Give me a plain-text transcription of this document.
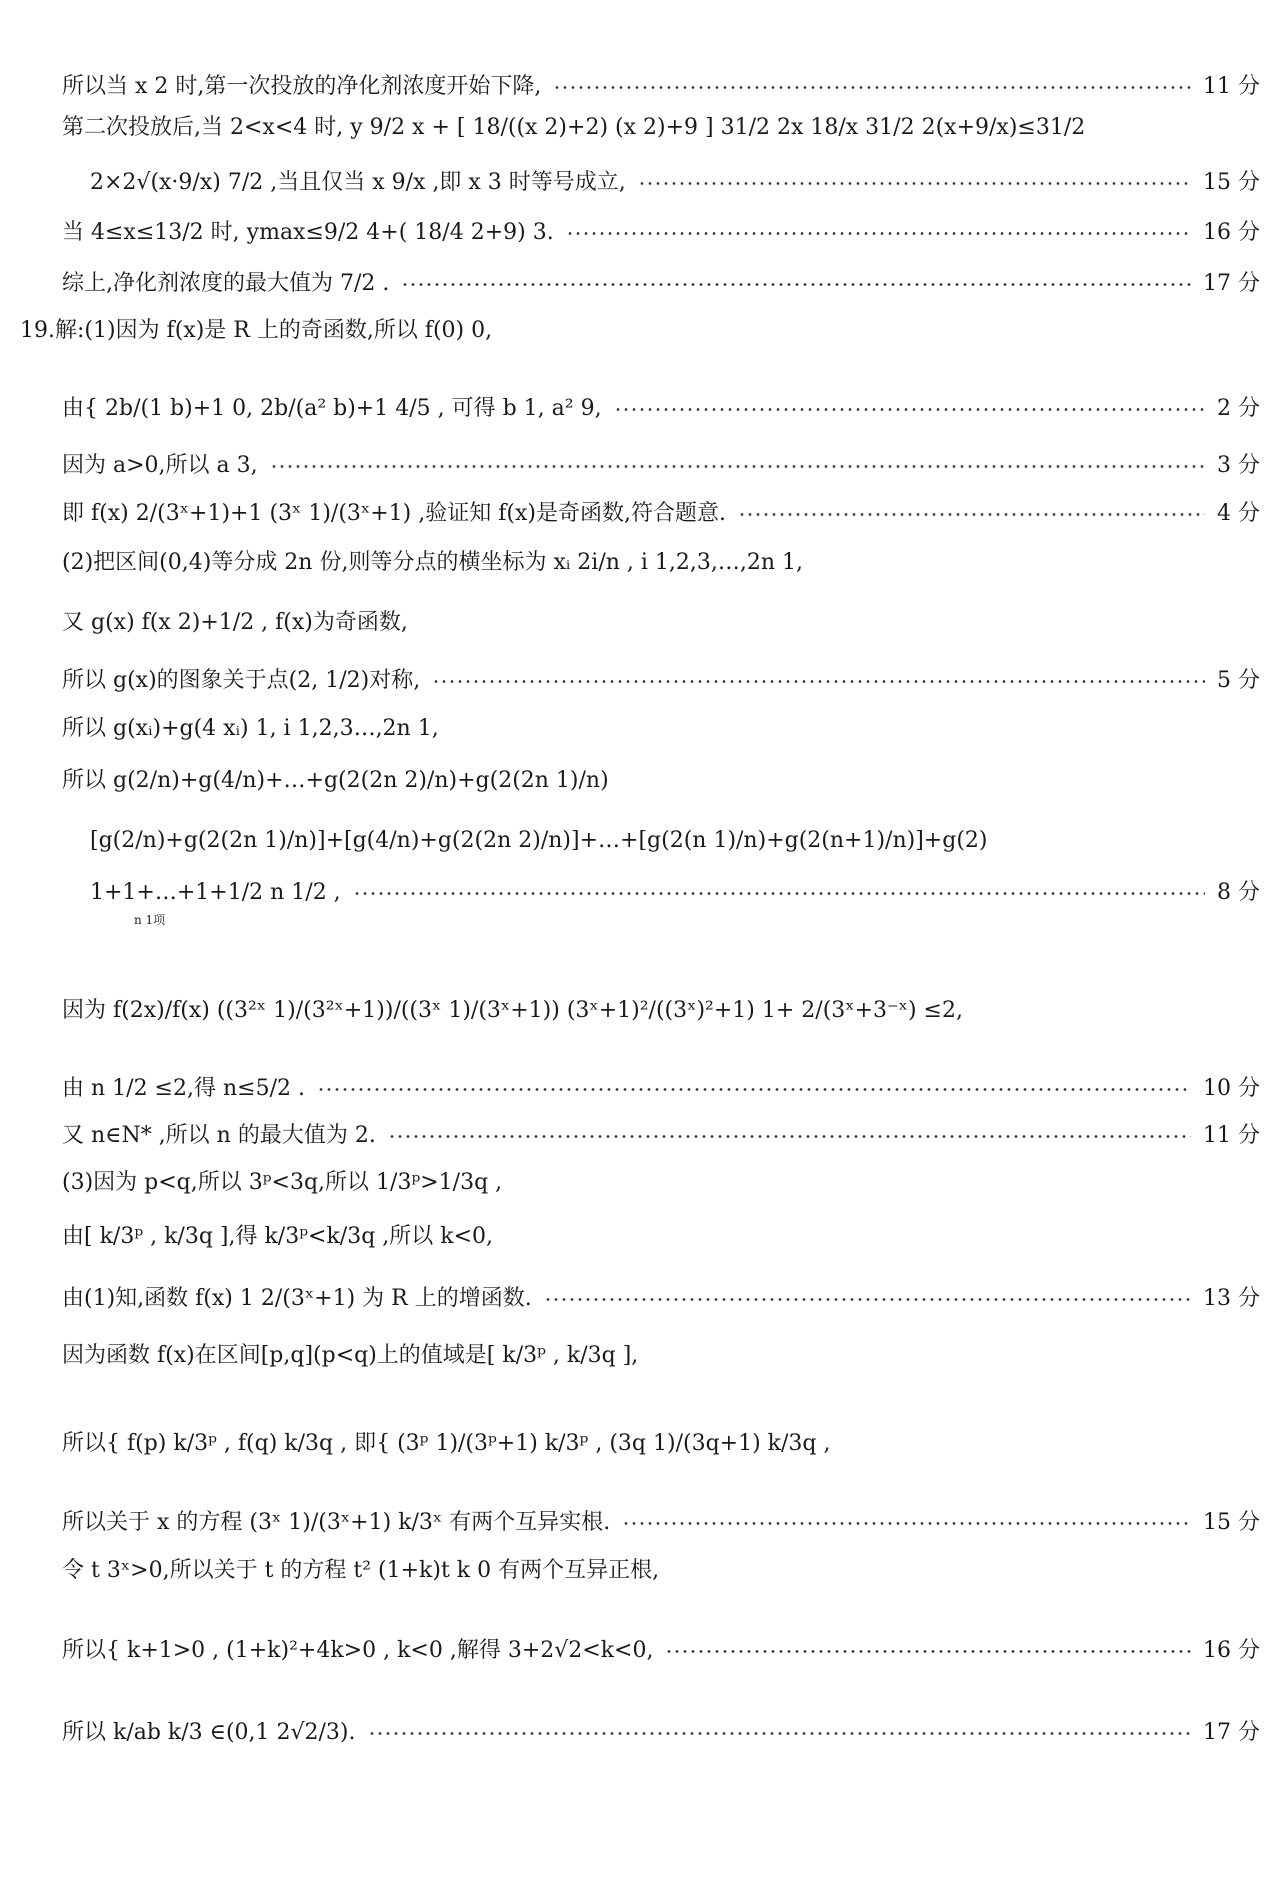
所以当 x 2 时,第一次投放的净化剂浓度开始下降,	11 分
第二次投放后,当 2<x<4 时, y 9/2 x + [ 18/((x 2)+2) (x 2)+9 ] 31/2 2x 18/x 31/2 2(x+9/x)≤31/2
2×2√(x·9/x) 7/2 ,当且仅当 x 9/x ,即 x 3 时等号成立,	15 分
当 4≤x≤13/2 时, ymax≤9/2 4+( 18/4 2+9) 3.	16 分
综上,净化剂浓度的最大值为 7/2 .	17 分
19.解:(1)因为 f(x)是 R 上的奇函数,所以 f(0) 0,
由{ 2b/(1 b)+1 0, 2b/(a² b)+1 4/5 , 可得 b 1, a² 9,	2 分
因为 a>0,所以 a 3,	3 分
即 f(x) 2/(3ˣ+1)+1 (3ˣ 1)/(3ˣ+1) ,验证知 f(x)是奇函数,符合题意.	4 分
(2)把区间(0,4)等分成 2n 份,则等分点的横坐标为 xᵢ 2i/n , i 1,2,3,…,2n 1,
又 g(x) f(x 2)+1/2 , f(x)为奇函数,
所以 g(x)的图象关于点(2, 1/2)对称,	5 分
所以 g(xᵢ)+g(4 xᵢ) 1, i 1,2,3…,2n 1,
所以 g(2/n)+g(4/n)+…+g(2(2n 2)/n)+g(2(2n 1)/n)
[g(2/n)+g(2(2n 1)/n)]+[g(4/n)+g(2(2n 2)/n)]+…+[g(2(n 1)/n)+g(2(n+1)/n)]+g(2)
1+1+…+1+1/2 n 1/2 ,	8 分
n 1项
因为 f(2x)/f(x) ((3²ˣ 1)/(3²ˣ+1))/((3ˣ 1)/(3ˣ+1)) (3ˣ+1)²/((3ˣ)²+1) 1+ 2/(3ˣ+3⁻ˣ) ≤2,
由 n 1/2 ≤2,得 n≤5/2 .	10 分
又 n∈N* ,所以 n 的最大值为 2.	11 分
(3)因为 p<q,所以 3ᵖ<3q,所以 1/3ᵖ>1/3q ,
由[ k/3ᵖ , k/3q ],得 k/3ᵖ<k/3q ,所以 k<0,
由(1)知,函数 f(x) 1 2/(3ˣ+1) 为 R 上的增函数.	13 分
因为函数 f(x)在区间[p,q](p<q)上的值域是[ k/3ᵖ , k/3q ],
所以{ f(p) k/3ᵖ , f(q) k/3q , 即{ (3ᵖ 1)/(3ᵖ+1) k/3ᵖ , (3q 1)/(3q+1) k/3q ,
所以关于 x 的方程 (3ˣ 1)/(3ˣ+1) k/3ˣ 有两个互异实根.	15 分
令 t 3ˣ>0,所以关于 t 的方程 t² (1+k)t k 0 有两个互异正根,
所以{ k+1>0 , (1+k)²+4k>0 , k<0 ,解得 3+2√2<k<0,	16 分
所以 k/ab k/3 ∈(0,1 2√2/3).	17 分
